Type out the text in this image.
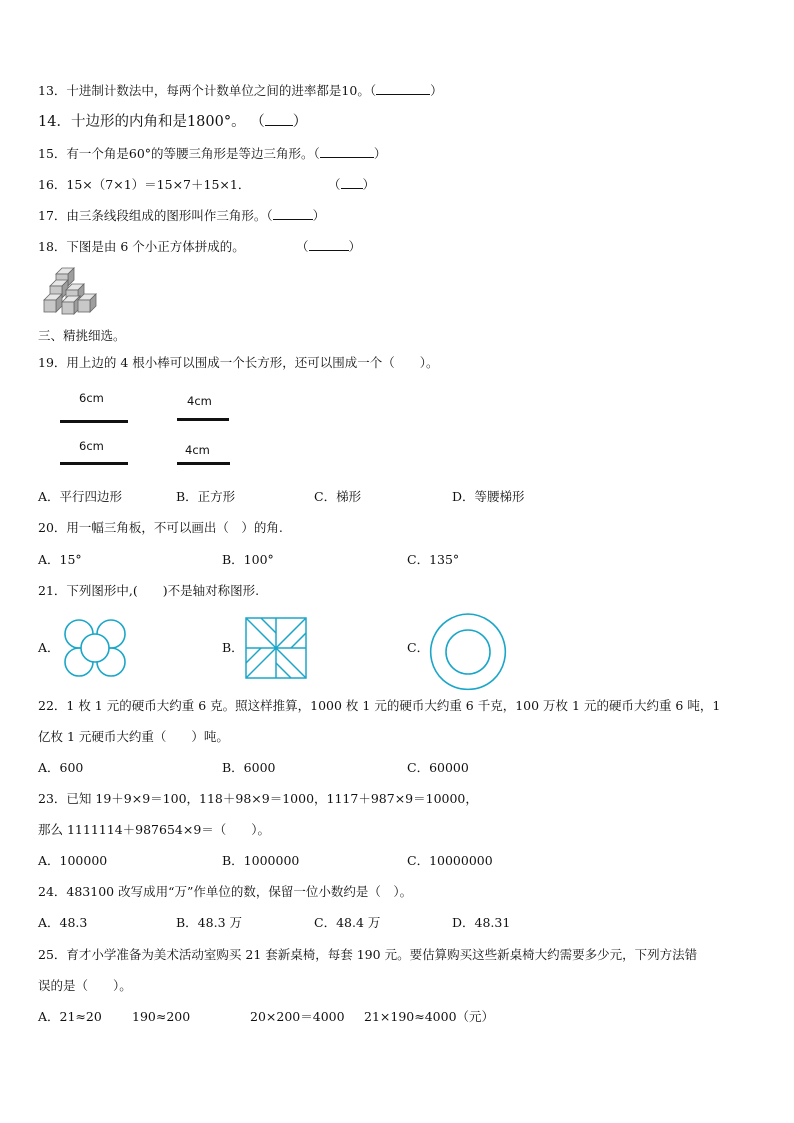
13．十进制计数法中，每两个计数单位之间的进率都是10。（	）
14．十边形的内角和是1800°。 （ ）
15．有一个角是60°的等腰三角形是等边三角形。（	）
16．15×（7×1）＝15×7＋15×1．	（ ）
17．由三条线段组成的图形叫作三角形。（	）
18．下图是由 6 个小正方体拼成的。	（	）
三、精挑细选。
19．用上边的 4 根小棒可以围成一个长方形，还可以围成一个（　　）。
6cm	4cm
6cm	4cm
A．平行四边形	B．正方形	C．梯形	D．等腰梯形
20．用一幅三角板，不可以画出（　）的角.
A．15°	B．100°	C．135°
21．下列图形中,(　　)不是轴对称图形.
A．	B．	C．
22．1 枚 1 元的硬币大约重 6 克。照这样推算，1000 枚 1 元的硬币大约重 6 千克，100 万枚 1 元的硬币大约重 6 吨，1
亿枚 1 元硬币大约重（　　）吨。
A．600	B．6000	C．60000
23．已知 19＋9×9＝100，118＋98×9＝1000，1117＋987×9＝10000，
那么 1111114＋987654×9＝（　　）。
A．100000	B．1000000	C．10000000
24．483100 改写成用“万”作单位的数，保留一位小数约是（　）。
A．48.3	B．48.3 万	C．48.4 万	D．48.31
25．育才小学准备为美术活动室购买 21 套新桌椅，每套 190 元。要估算购买这些新桌椅大约需要多少元，下列方法错
误的是（　　）。
A．21≈20 190≈200	20×200＝4000 21×190≈4000（元）
